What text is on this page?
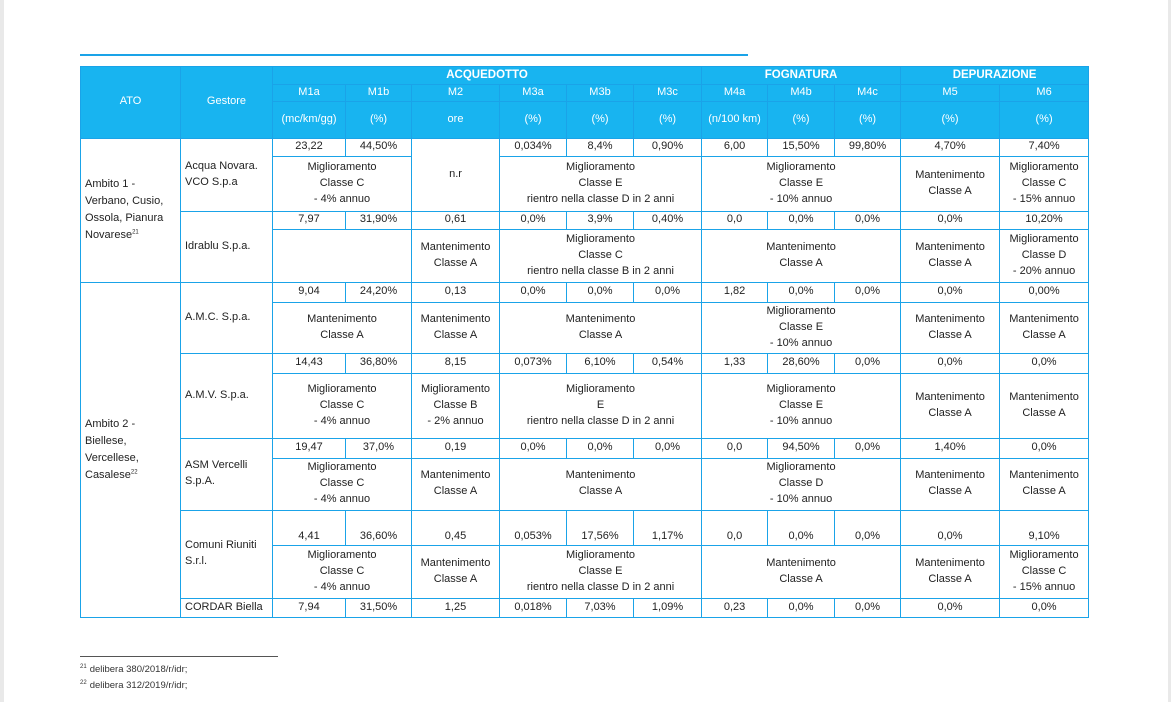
ATO	Gestore	ACQUEDOTTO						FOGNATURA			DEPURAZIONE	
		M1a	M1b	M2	M3a	M3b	M3c	M4a	M4b	M4c	M5	M6
		(mc/km/gg)	(%)	ore	(%)	(%)	(%)	(n/100 km)	(%)	(%)	(%)	(%)
Ambito 1 - Verbano, Cusio, Ossola, Pianura Novarese$^{21}$	Acqua Novara. VCO S.p.a	23,22	44,50%	n.r	0,034%	8,4%	0,90%	6,00	15,50%	99,80%	4,70%	7,40%
		Miglioramento
Classe C
- 4% annuo			Miglioramento
Classe E
rientro nella classe D in 2 anni			Miglioramento
Classe E
- 10% annuo			Mantenimento
Classe A	Miglioramento
Classe C
- 15% annuo
	Idrablu S.p.a.	7,97	31,90%	0,61	0,0%	3,9%	0,40%	0,0	0,0%	0,0%	0,0%	10,20%
				Mantenimento
Classe A	Miglioramento
Classe C
rientro nella classe B in 2 anni			Mantenimento
Classe A			Mantenimento
Classe A	Miglioramento
Classe D
- 20% annuo
Ambito 2 - Biellese, Vercellese, Casalese$^{22}$	A.M.C. S.p.a.	9,04	24,20%	0,13	0,0%	0,0%	0,0%	1,82	0,0%	0,0%	0,0%	0,00%
		Mantenimento
Classe A		Mantenimento
Classe A	Mantenimento
Classe A			Miglioramento
Classe E
- 10% annuo			Mantenimento
Classe A	Mantenimento
Classe A
	A.M.V. S.p.a.	14,43	36,80%	8,15	0,073%	6,10%	0,54%	1,33	28,60%	0,0%	0,0%	0,0%
		Miglioramento
Classe C
- 4% annuo		Miglioramento
Classe B
- 2% annuo	Miglioramento
E
rientro nella classe D in 2 anni			Miglioramento
Classe E
- 10% annuo			Mantenimento
Classe A	Mantenimento
Classe A
	ASM Vercelli S.p.A.	19,47	37,0%	0,19	0,0%	0,0%	0,0%	0,0	94,50%	0,0%	1,40%	0,0%
		Miglioramento
Classe C
- 4% annuo		Mantenimento
Classe A	Mantenimento
Classe A			Miglioramento
Classe D
- 10% annuo			Mantenimento
Classe A	Mantenimento
Classe A
	Comuni Riuniti S.r.l.	4,41	36,60%	0,45	0,053%	17,56%	1,17%	0,0	0,0%	0,0%	0,0%	9,10%
		Miglioramento
Classe C
- 4% annuo		Mantenimento
Classe A	Miglioramento
Classe E
rientro nella classe D in 2 anni			Mantenimento
Classe A			Mantenimento
Classe A	Miglioramento
Classe C
- 15% annuo
	CORDAR Biella	7,94	31,50%	1,25	0,018%	7,03%	1,09%	0,23	0,0%	0,0%	0,0%	0,0%
$^{21}$ delibera 380/2018/r/idr;
$^{22}$ delibera 312/2019/r/idr;
